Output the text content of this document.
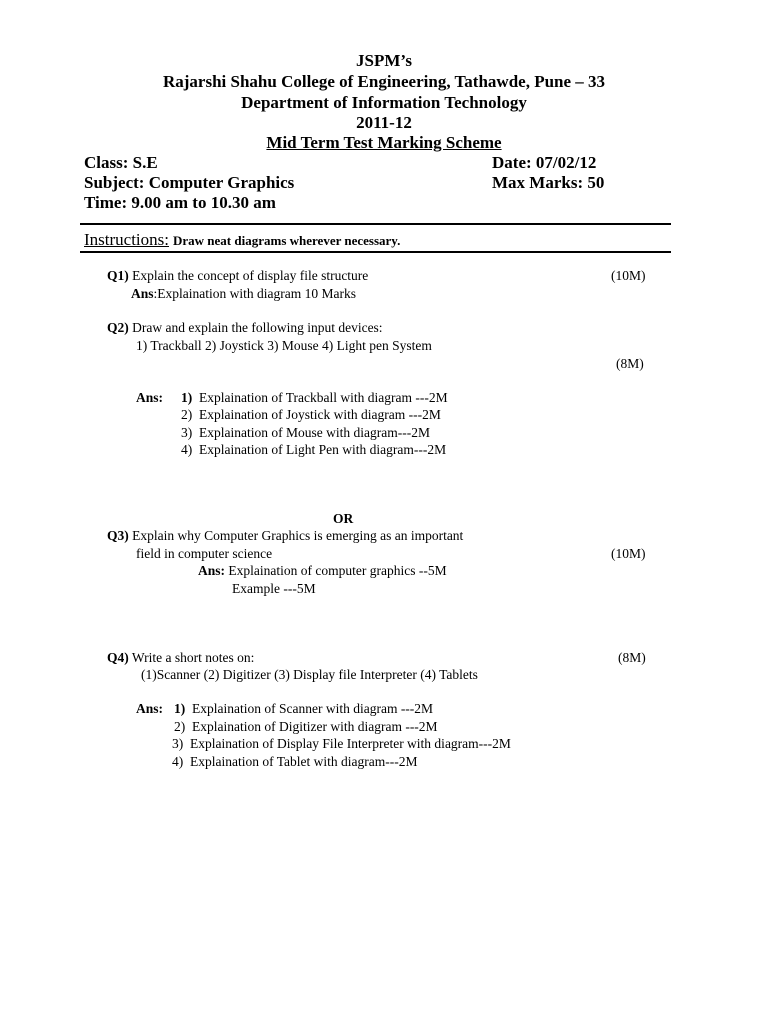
JSPM’s
Rajarshi Shahu College of Engineering, Tathawde, Pune – 33
Department of Information Technology
2011-12
Mid Term Test Marking Scheme
Class: S.E	Date: 07/02/12
Subject: Computer Graphics	Max Marks: 50
Time: 9.00 am to 10.30 am
Instructions: Draw neat diagrams wherever necessary.
Q1) Explain the concept of display file structure	(10M)
Ans:Explaination with diagram 10 Marks
Q2) Draw and explain the following input devices:
1) Trackball 2) Joystick 3) Mouse 4) Light pen System
(8M)
Ans: 1) Explaination of Trackball with diagram ---2M
2) Explaination of Joystick with diagram ---2M
3) Explaination of Mouse with diagram---2M
4) Explaination of Light Pen with diagram---2M
OR
Q3) Explain why Computer Graphics is emerging as an important
field in computer science	(10M)
Ans: Explaination of computer graphics --5M
Example ---5M
Q4) Write a short notes on:	(8M)
(1)Scanner (2) Digitizer (3) Display file Interpreter (4) Tablets
Ans: 1) Explaination of Scanner with diagram ---2M
2) Explaination of Digitizer with diagram ---2M
3) Explaination of Display File Interpreter with diagram---2M
4) Explaination of Tablet with diagram---2M
